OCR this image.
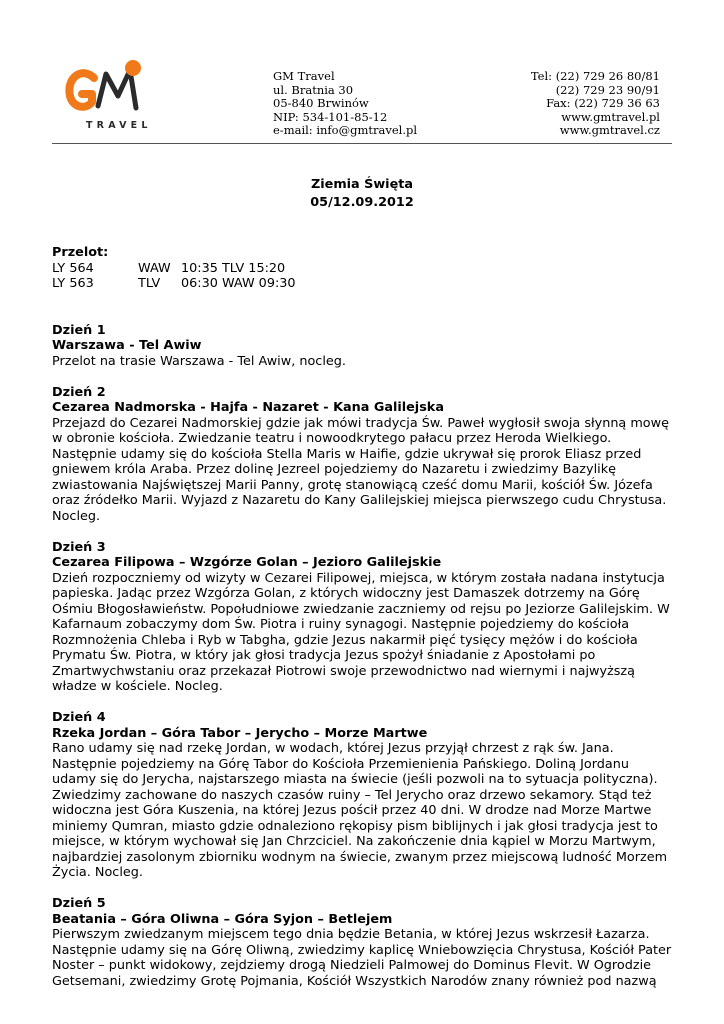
TRAVEL
GM Travel
ul. Bratnia 30
05-840 Brwinów
NIP: 534-101-85-12
e-mail: info@gmtravel.pl
Tel: (22) 729 26 80/81
(22) 729 23 90/91
Fax: (22) 729 36 63
www.gmtravel.pl
www.gmtravel.cz
Ziemia Święta
05/12.09.2012
Przelot:
LY 564	WAW 10:35 TLV 15:20
LY 563	TLV	06:30 WAW 09:30
Dzień 1
Warszawa - Tel Awiw
Przelot na trasie Warszawa - Tel Awiw, nocleg.
Dzień 2
Cezarea Nadmorska - Hajfa - Nazaret - Kana Galilejska
Przejazd do Cezarei Nadmorskiej gdzie jak mówi tradycja Św. Paweł wygłosił swoja słynną mowę
w obronie kościoła. Zwiedzanie teatru i nowoodkrytego pałacu przez Heroda Wielkiego.
Następnie udamy się do kościoła Stella Maris w Haifie, gdzie ukrywał się prorok Eliasz przed
gniewem króla Araba. Przez dolinę Jezreel pojedziemy do Nazaretu i zwiedzimy Bazylikę
zwiastowania Najświętszej Marii Panny, grotę stanowiącą cześć domu Marii, kościół Św. Józefa
oraz źródełko Marii. Wyjazd z Nazaretu do Kany Galilejskiej miejsca pierwszego cudu Chrystusa.
Nocleg.
Dzień 3
Cezarea Filipowa – Wzgórze Golan – Jezioro Galilejskie
Dzień rozpoczniemy od wizyty w Cezarei Filipowej, miejsca, w którym została nadana instytucja
papieska. Jadąc przez Wzgórza Golan, z których widoczny jest Damaszek dotrzemy na Górę
Ośmiu Błogosławieństw. Popołudniowe zwiedzanie zaczniemy od rejsu po Jeziorze Galilejskim. W
Kafarnaum zobaczymy dom Św. Piotra i ruiny synagogi. Następnie pojedziemy do kościoła
Rozmnożenia Chleba i Ryb w Tabgha, gdzie Jezus nakarmił pięć tysięcy mężów i do kościoła
Prymatu Św. Piotra, w który jak głosi tradycja Jezus spożył śniadanie z Apostołami po
Zmartwychwstaniu oraz przekazał Piotrowi swoje przewodnictwo nad wiernymi i najwyższą
władze w kościele. Nocleg.
Dzień 4
Rzeka Jordan – Góra Tabor – Jerycho – Morze Martwe
Rano udamy się nad rzekę Jordan, w wodach, której Jezus przyjął chrzest z rąk św. Jana.
Następnie pojedziemy na Górę Tabor do Kościoła Przemienienia Pańskiego. Doliną Jordanu
udamy się do Jerycha, najstarszego miasta na świecie (jeśli pozwoli na to sytuacja polityczna).
Zwiedzimy zachowane do naszych czasów ruiny – Tel Jerycho oraz drzewo sekamory. Stąd też
widoczna jest Góra Kuszenia, na której Jezus pościł przez 40 dni. W drodze nad Morze Martwe
miniemy Qumran, miasto gdzie odnaleziono rękopisy pism biblijnych i jak głosi tradycja jest to
miejsce, w którym wychował się Jan Chrzciciel. Na zakończenie dnia kąpiel w Morzu Martwym,
najbardziej zasolonym zbiorniku wodnym na świecie, zwanym przez miejscową ludność Morzem
Życia. Nocleg.
Dzień 5
Beatania – Góra Oliwna – Góra Syjon – Betlejem
Pierwszym zwiedzanym miejscem tego dnia będzie Betania, w której Jezus wskrzesił Łazarza.
Następnie udamy się na Górę Oliwną, zwiedzimy kaplicę Wniebowzięcia Chrystusa, Kościół Pater
Noster – punkt widokowy, zejdziemy drogą Niedzieli Palmowej do Dominus Flevit. W Ogrodzie
Getsemani, zwiedzimy Grotę Pojmania, Kościół Wszystkich Narodów znany również pod nazwą
